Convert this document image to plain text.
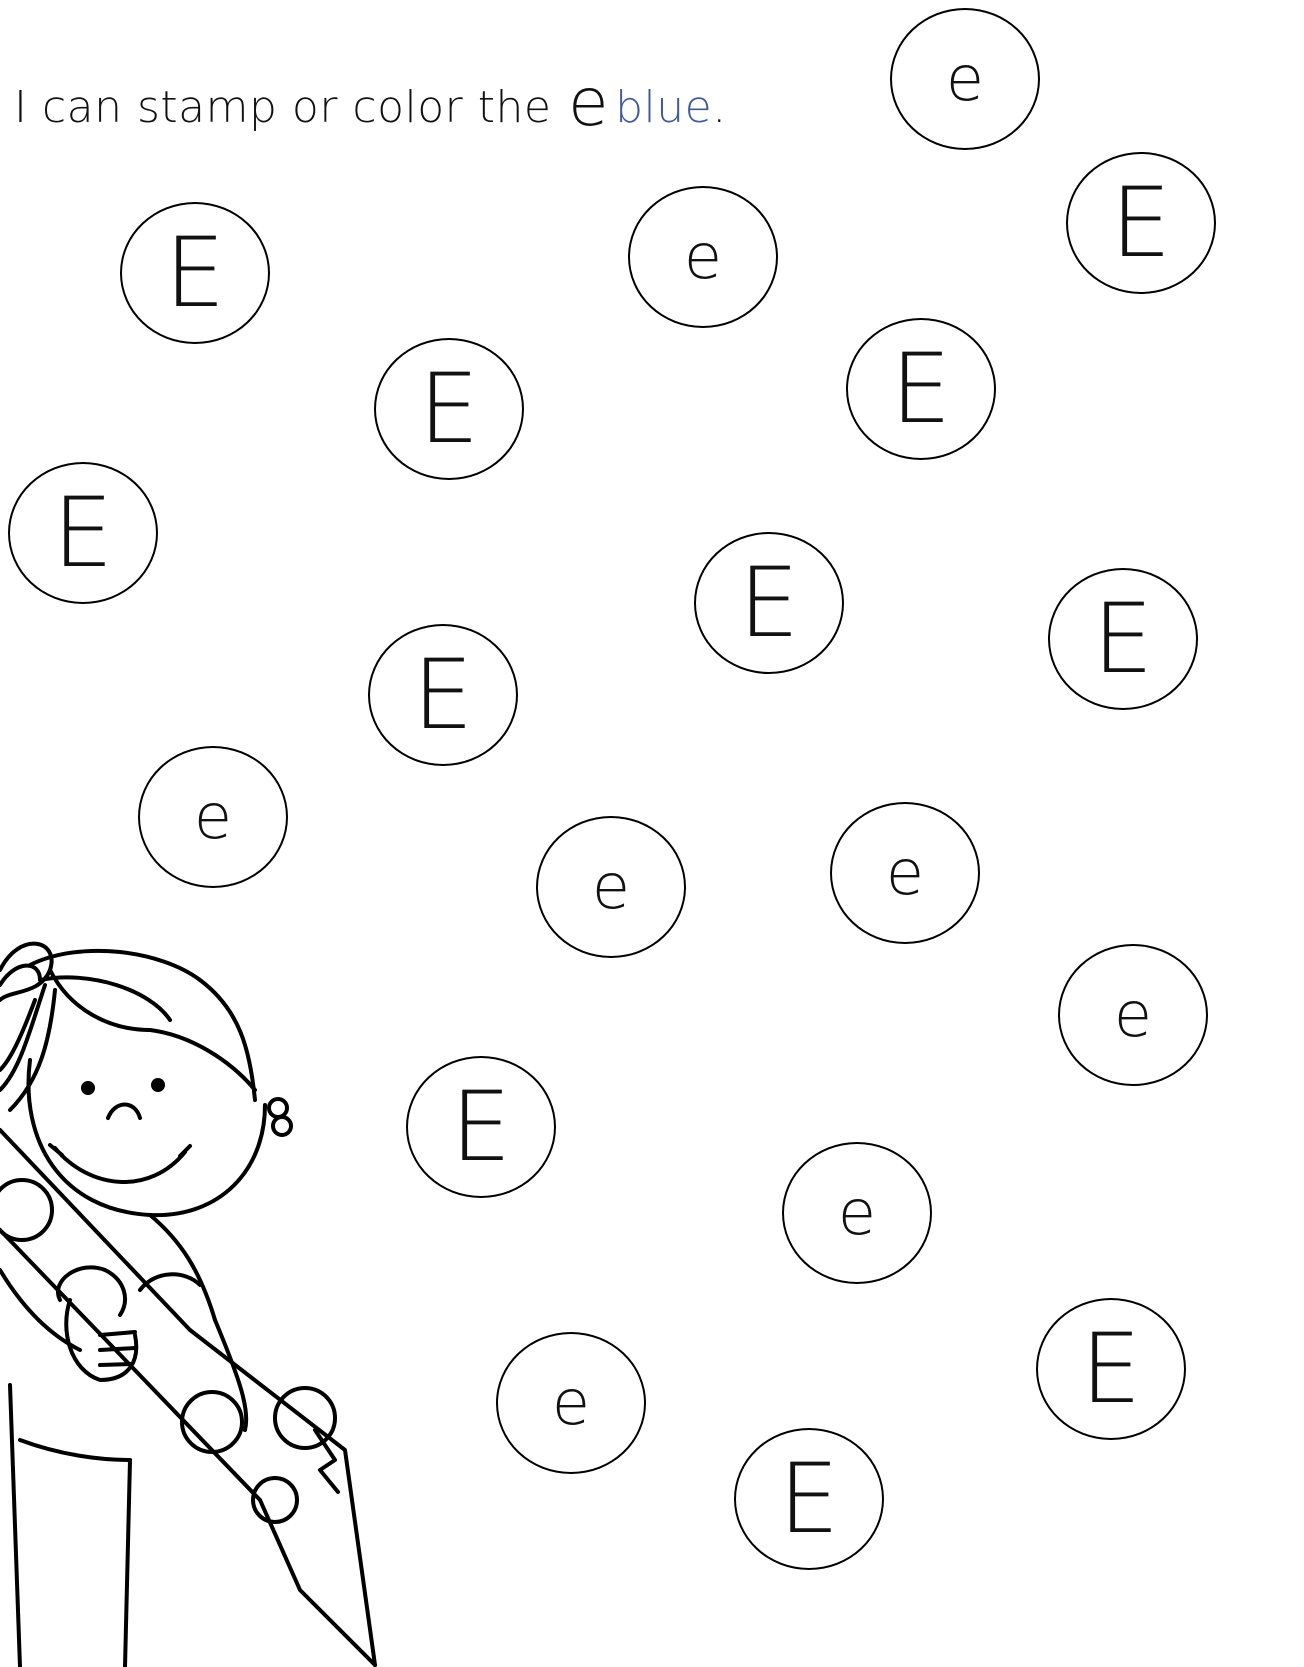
I can stamp or color the e blue.	e
E
e
E
E
E
E
E	E
E
e
e
e
e
E
e
e	E
E
